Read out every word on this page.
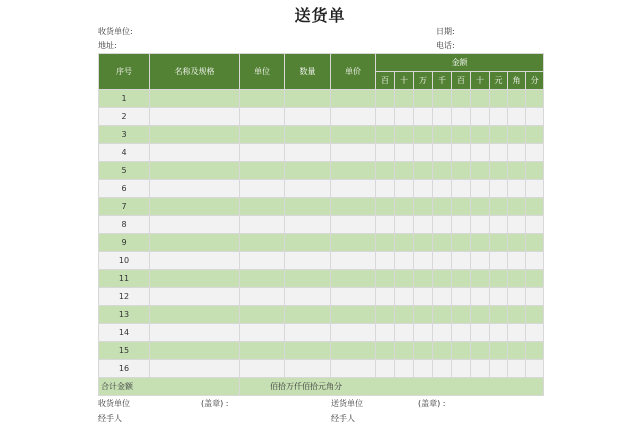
送货单
收货单位:
地址:
日期:
电话:
序号	名称及规格	单位	数量	单价	金额								
					百	十	万	千	百	十	元	角	分
1													
2													
3													
4													
5													
6													
7													
8													
9													
10													
11													
12													
13													
14													
15													
16													
合计金额		佰拾万仟佰拾元角分											
收货单位	(盖章) :	送货单位	(盖章) :
经手人	经手人
